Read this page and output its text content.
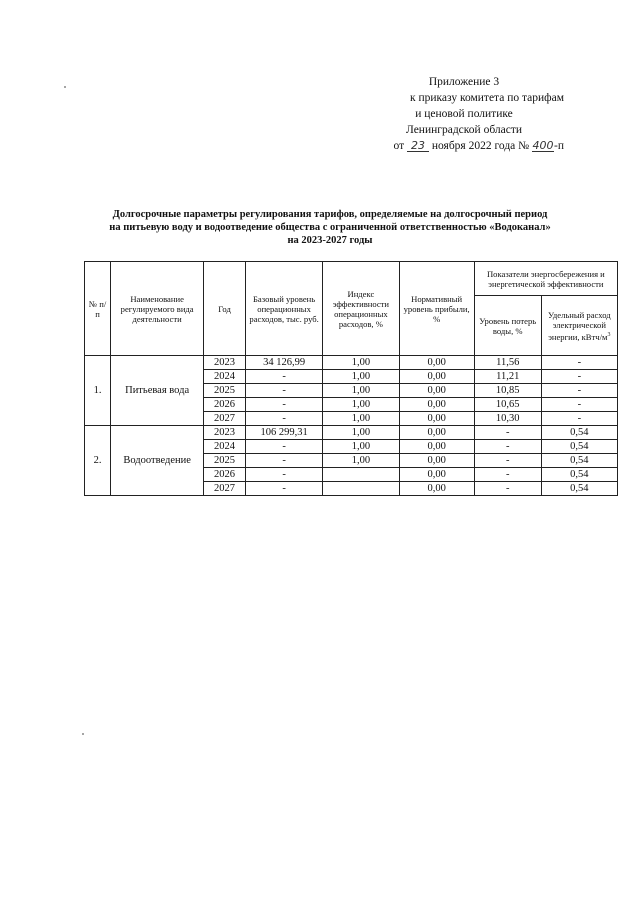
Приложение 3
к приказу комитета по тарифам
и ценовой политике
Ленинградской области
от 23 ноября 2022 года № 400-п
Долгосрочные параметры регулирования тарифов, определяемые на долгосрочный период
на питьевую воду и водоотведение общества с ограниченной ответственностью «Водоканал»
на 2023-2027 годы
№ п/п	Наименование регулируемого вида деятельности	Год	Базовый уровень операционных расходов, тыс. руб.	Индекс эффективности операционных расходов, %	Нормативный уровень прибыли, %	Показатели энергосбережения и энергетической эффективности	
						Уровень потерь воды, %	Удельный расход электрической энергии, кВтч/$м^3$
1.	Питьевая вода	2023	34 126,99	1,00	0,00	11,56	-
		2024	-	1,00	0,00	11,21	-
		2025	-	1,00	0,00	10,85	-
		2026	-	1,00	0,00	10,65	-
		2027	-	1,00	0,00	10,30	-
2.	Водоотведение	2023	106 299,31	1,00	0,00	-	0,54
		2024	-	1,00	0,00	-	0,54
		2025	-	1,00	0,00	-	0,54
		2026	-		0,00	-	0,54
		2027	-		0,00	-	0,54
